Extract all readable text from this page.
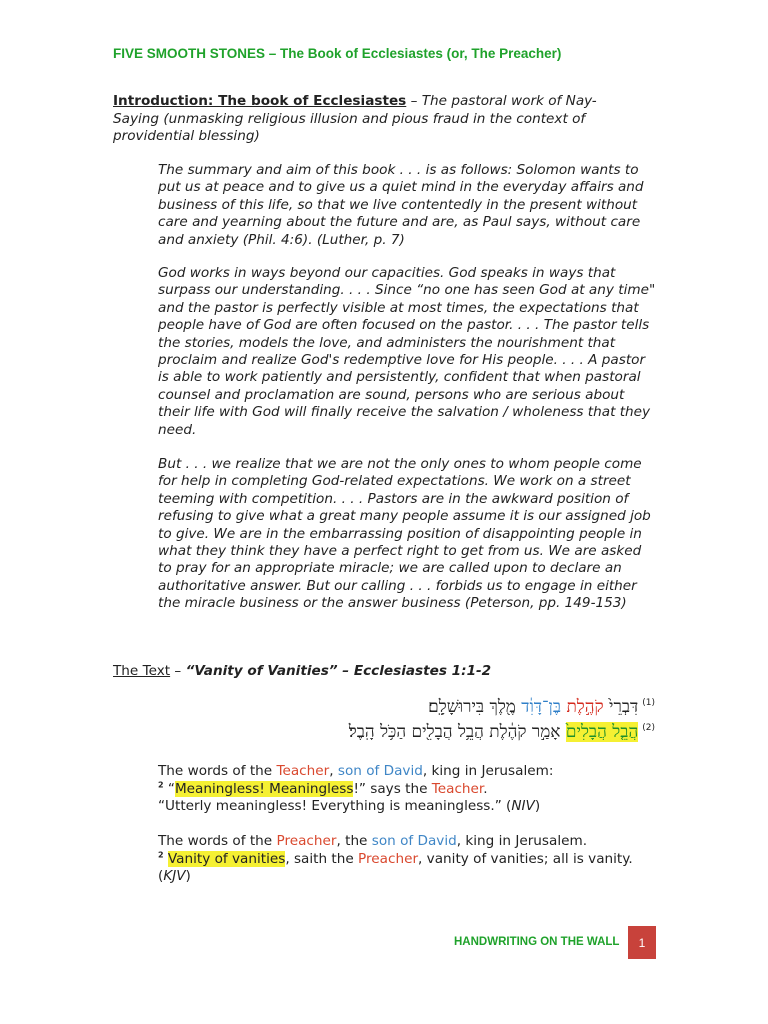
FIVE SMOOTH STONES – The Book of Ecclesiastes (or, The Preacher)
Introduction: The book of Ecclesiastes – The pastoral work of Nay-Saying (unmasking religious illusion and pious fraud in the context of providential blessing)
The summary and aim of this book . . . is as follows: Solomon wants to put us at peace and to give us a quiet mind in the everyday affairs and business of this life, so that we live contentedly in the present without care and yearning about the future and are, as Paul says, without care and anxiety (Phil. 4:6). (Luther, p. 7)
God works in ways beyond our capacities. God speaks in ways that surpass our understanding. . . . Since “no one has seen God at any time" and the pastor is perfectly visible at most times, the expectations that people have of God are often focused on the pastor. . . . The pastor tells the stories, models the love, and administers the nourishment that proclaim and realize God's redemptive love for His people. . . . A pastor is able to work patiently and persistently, confident that when pastoral counsel and proclamation are sound, persons who are serious about their life with God will finally receive the salvation / wholeness that they need.
But . . . we realize that we are not the only ones to whom people come for help in completing God-related expectations. We work on a street teeming with competition. . . . Pastors are in the awkward position of refusing to give what a great many people assume it is our assigned job to give. We are in the embarrassing position of disappointing people in what they think they have a perfect right to get from us. We are asked to pray for an appropriate miracle; we are called upon to declare an authoritative answer. But our calling . . . forbids us to engage in either the miracle business or the answer business (Peterson, pp. 149-153)
The Text – “Vanity of Vanities” – Ecclesiastes 1:1-2
$^{(1)}$דִּבְרֵי֙ קֹהֶ֣לֶת בֶּן־דָּוִ֔ד מֶ֖לֶךְ בִּירוּשָׁלִָֽם׃
$^{(2)}$הֲבֵ֤ל הֲבָלִים֙ אָמַ֣ר קֹהֶ֔לֶת הֲבֵ֥ל הֲבָלִ֖ים הַכֹּ֥ל הָֽבֶל׃
The words of the Teacher, son of David, king in Jerusalem:
$^2$ “Meaningless! Meaningless!” says the Teacher.
“Utterly meaningless! Everything is meaningless.” (NIV)
The words of the Preacher, the son of David, king in Jerusalem.
$^2$ Vanity of vanities, saith the Preacher, vanity of vanities; all is vanity.
(KJV)
HANDWRITING ON THE WALL	1
